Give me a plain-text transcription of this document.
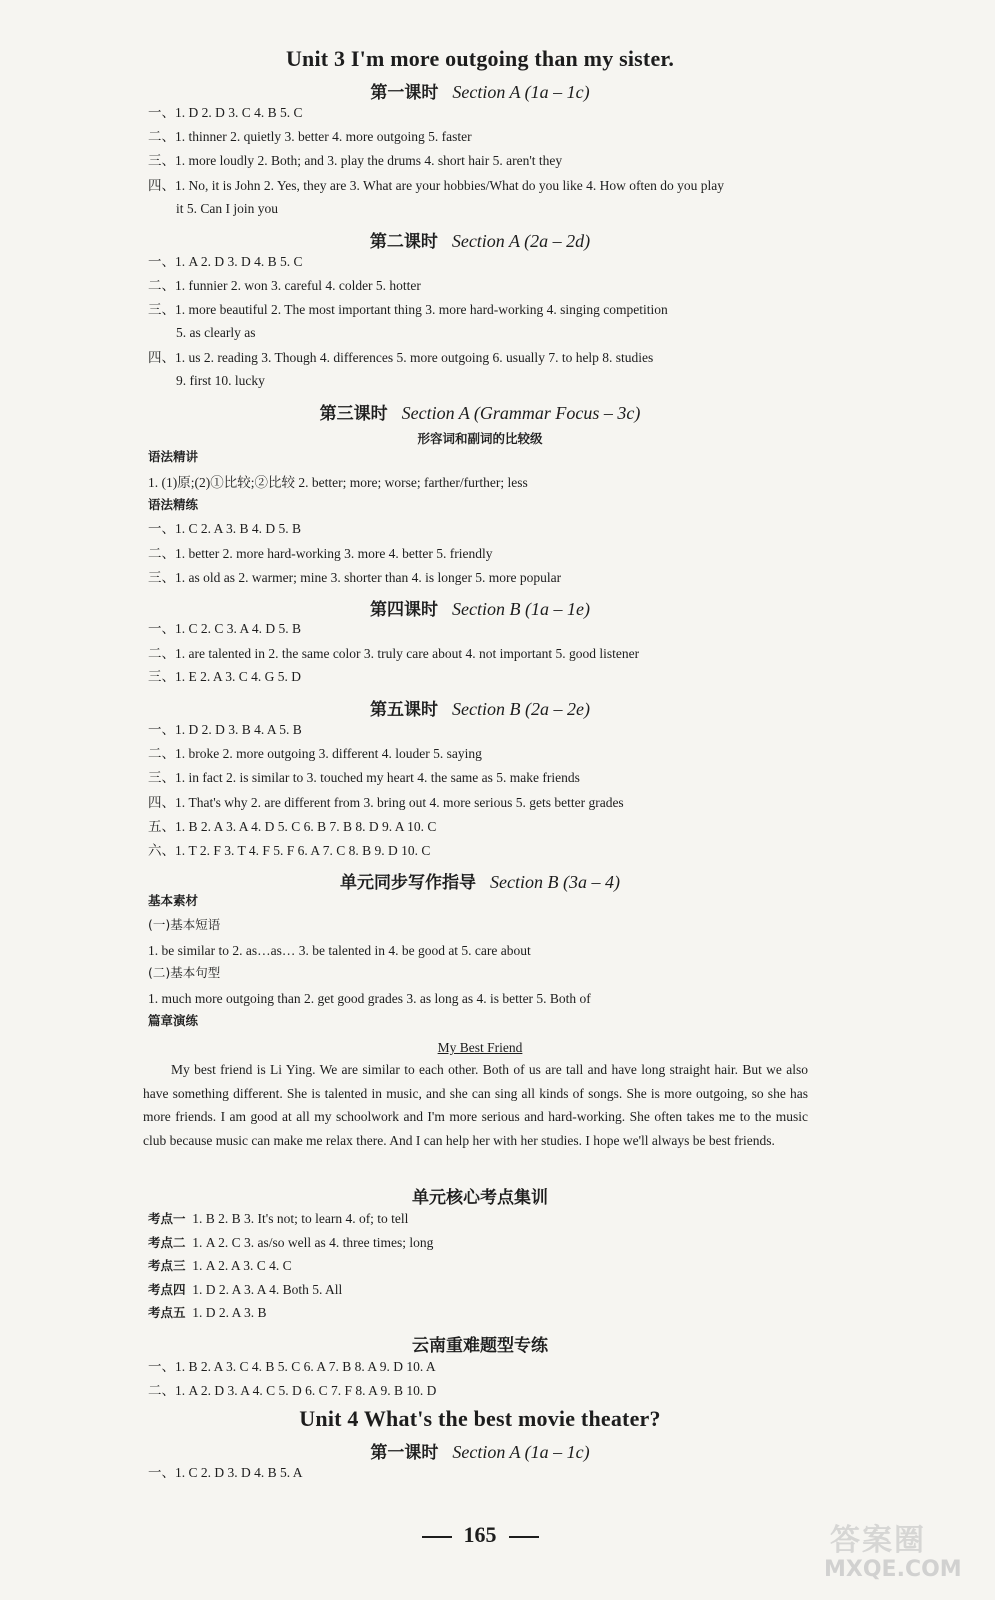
Unit 3 I'm more outgoing than my sister.
第一课时 Section A (1a – 1c)
一、1. D 2. D 3. C 4. B 5. C
二、1. thinner 2. quietly 3. better 4. more outgoing 5. faster
三、1. more loudly 2. Both; and 3. play the drums 4. short hair 5. aren't they
四、1. No, it is John 2. Yes, they are 3. What are your hobbies/What do you like 4. How often do you play
it 5. Can I join you
第二课时 Section A (2a – 2d)
一、1. A 2. D 3. D 4. B 5. C
二、1. funnier 2. won 3. careful 4. colder 5. hotter
三、1. more beautiful 2. The most important thing 3. more hard-working 4. singing competition
5. as clearly as
四、1. us 2. reading 3. Though 4. differences 5. more outgoing 6. usually 7. to help 8. studies
9. first 10. lucky
第三课时 Section A (Grammar Focus – 3c)
形容词和副词的比较级
语法精讲
1. (1)原;(2)①比较;②比较 2. better; more; worse; farther/further; less
语法精练
一、1. C 2. A 3. B 4. D 5. B
二、1. better 2. more hard-working 3. more 4. better 5. friendly
三、1. as old as 2. warmer; mine 3. shorter than 4. is longer 5. more popular
第四课时 Section B (1a – 1e)
一、1. C 2. C 3. A 4. D 5. B
二、1. are talented in 2. the same color 3. truly care about 4. not important 5. good listener
三、1. E 2. A 3. C 4. G 5. D
第五课时 Section B (2a – 2e)
一、1. D 2. D 3. B 4. A 5. B
二、1. broke 2. more outgoing 3. different 4. louder 5. saying
三、1. in fact 2. is similar to 3. touched my heart 4. the same as 5. make friends
四、1. That's why 2. are different from 3. bring out 4. more serious 5. gets better grades
五、1. B 2. A 3. A 4. D 5. C 6. B 7. B 8. D 9. A 10. C
六、1. T 2. F 3. T 4. F 5. F 6. A 7. C 8. B 9. D 10. C
单元同步写作指导 Section B (3a – 4)
基本素材
(一)基本短语
1. be similar to 2. as…as… 3. be talented in 4. be good at 5. care about
(二)基本句型
1. much more outgoing than 2. get good grades 3. as long as 4. is better 5. Both of
篇章演练
My Best Friend

My best friend is Li Ying. We are similar to each other. Both of us are tall and have long straight hair. But we also have something different. She is talented in music, and she can sing all kinds of songs. She is more outgoing, so she has more friends. I am good at all my schoolwork and I'm more serious and hard-working. She often takes me to the music club because music can make me relax there. And I can help her with her studies. I hope we'll always be best friends.

单元核心考点集训
考点一 1. B 2. B 3. It's not; to learn 4. of; to tell
考点二 1. A 2. C 3. as/so well as 4. three times; long
考点三 1. A 2. A 3. C 4. C
考点四 1. D 2. A 3. A 4. Both 5. All
考点五 1. D 2. A 3. B
云南重难题型专练
一、1. B 2. A 3. C 4. B 5. C 6. A 7. B 8. A 9. D 10. A
二、1. A 2. D 3. A 4. C 5. D 6. C 7. F 8. A 9. B 10. D
Unit 4 What's the best movie theater?
第一课时 Section A (1a – 1c)
一、1. C 2. D 3. D 4. B 5. A
165	答案圈
MXQE.COM
